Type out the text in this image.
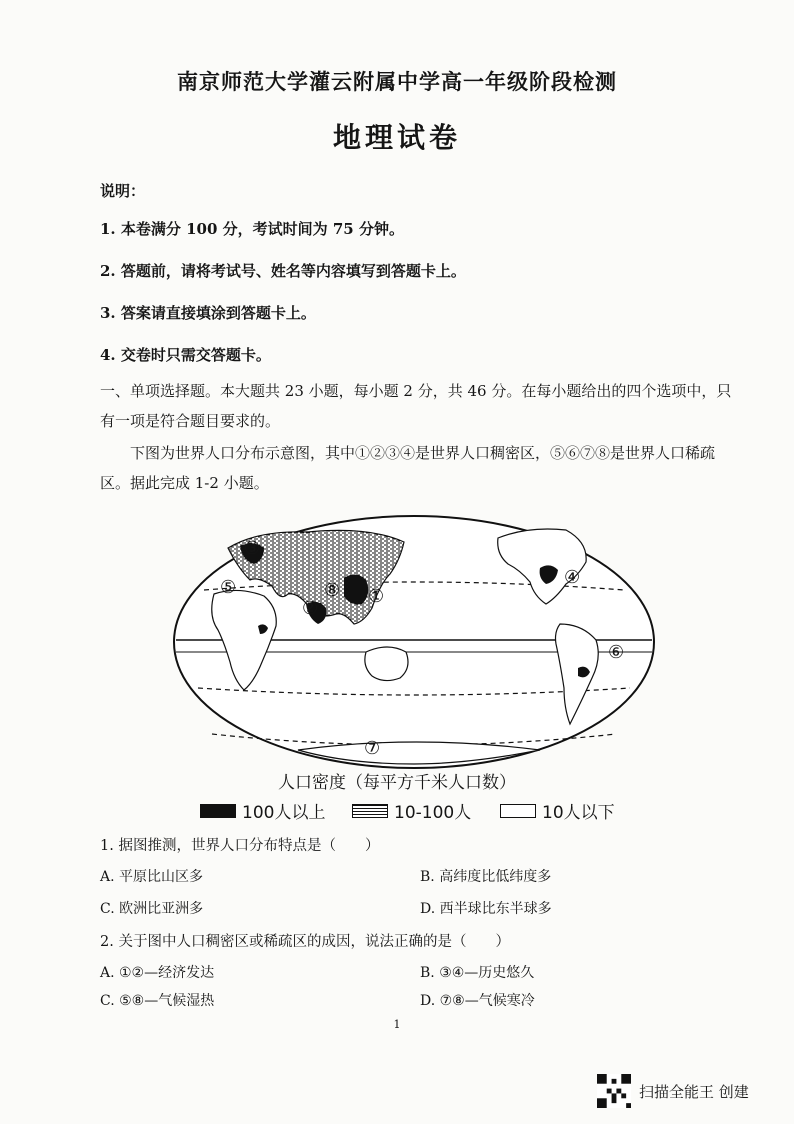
南京师范大学灌云附属中学高一年级阶段检测
地理试卷
说明：
1. 本卷满分 100 分，考试时间为 75 分钟。
2. 答题前，请将考试号、姓名等内容填写到答题卡上。
3. 答案请直接填涂到答题卡上。
4. 交卷时只需交答题卡。
一、单项选择题。本大题共 23 小题，每小题 2 分，共 46 分。在每小题给出的四个选项中，只有一项是符合题目要求的。
下图为世界人口分布示意图，其中①②③④是世界人口稠密区，⑤⑥⑦⑧是世界人口稀疏区。据此完成 1-2 小题。
①
②
③
④
⑤
⑥
⑦
⑧
人口密度（每平方千米人口数）
100人以上	10-100人	10人以下
1. 据图推测，世界人口分布特点是（　　）
A. 平原比山区多	B. 高纬度比低纬度多
C. 欧洲比亚洲多	D. 西半球比东半球多
2. 关于图中人口稠密区或稀疏区的成因，说法正确的是（　　）
A. ①②—经济发达	B. ③④—历史悠久
C. ⑤⑧—气候湿热	D. ⑦⑧—气候寒冷
1
扫描全能王 创建
